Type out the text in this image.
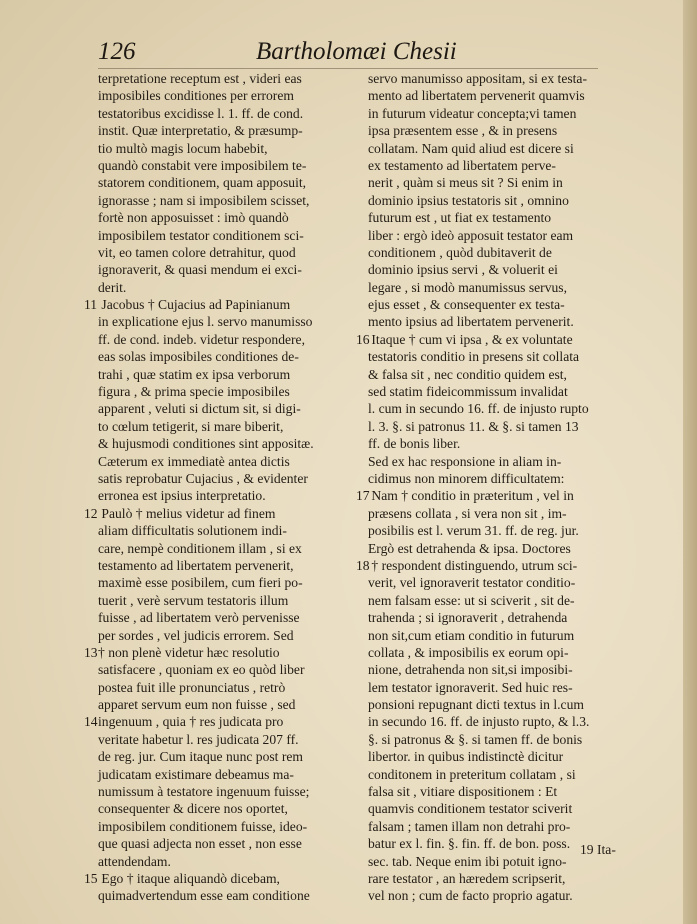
126	Bartholomæi Chesii
terpretatione receptum est , videri eas
imposibiles conditiones per errorem
testatoribus excidisse l. 1. ff. de cond.
instit. Quæ interpretatio, & præsump-
tio multò magis locum habebit,
quandò constabit vere imposibilem te-
statorem conditionem, quam apposuit,
ignorasse ; nam si imposibilem scisset,
fortè non apposuisset : imò quandò
imposibilem testator conditionem sci-
vit, eo tamen colore detrahitur, quod
ignoraverit, & quasi mendum ei exci-
derit.
11 Jacobus † Cujacius ad Papinianum
in explicatione ejus l. servo manumisso
ff. de cond. indeb. videtur respondere,
eas solas imposibiles conditiones de-
trahi , quæ statim ex ipsa verborum
figura , & prima specie imposibiles
apparent , veluti si dictum sit, si digi-
to cœlum tetigerit, si mare biberit,
& hujusmodi conditiones sint appositæ.
Cæterum ex immediatè antea dictis
satis reprobatur Cujacius , & evidenter
erronea est ipsius interpretatio.
12 Paulò † melius videtur ad finem
aliam difficultatis solutionem indi-
care, nempè conditionem illam , si ex
testamento ad libertatem pervenerit,
maximè esse posibilem, cum fieri po-
tuerit , verè servum testatoris illum
fuisse , ad libertatem verò pervenisse
per sordes , vel judicis errorem. Sed
13† non plenè videtur hæc resolutio
satisfacere , quoniam ex eo quòd liber
postea fuit ille pronunciatus , retrò
apparet servum eum non fuisse , sed
14ingenuum , quia † res judicata pro
veritate habetur l. res judicata 207 ff.
de reg. jur. Cum itaque nunc post rem
judicatam existimare debeamus ma-
numissum à testatore ingenuum fuisse;
consequenter & dicere nos oportet,
imposibilem conditionem fuisse, ideo-
que quasi adjecta non esset , non esse
attendendam.
15 Ego † itaque aliquandò dicebam,
quimadvertendum esse eam conditione
servo manumisso appositam, si ex testa-
mento ad libertatem pervenerit quamvis
in futurum videatur concepta;vi tamen
ipsa præsentem esse , & in presens
collatam. Nam quid aliud est dicere si
ex testamento ad libertatem perve-
nerit , quàm si meus sit ? Si enim in
dominio ipsius testatoris sit , omnino
futurum est , ut fiat ex testamento
liber : ergò ideò apposuit testator eam
conditionem , quòd dubitaverit de
dominio ipsius servi , & voluerit ei
legare , si modò manumissus servus,
ejus esset , & consequenter ex testa-
mento ipsius ad libertatem pervenerit.
16 Itaque † cum vi ipsa , & ex voluntate
testatoris conditio in presens sit collata
& falsa sit , nec conditio quidem est,
sed statim fideicommissum invalidat
l. cum in secundo 16. ff. de injusto rupto
l. 3. §. si patronus 11. & §. si tamen 13
ff. de bonis liber.
Sed ex hac responsione in aliam in-
cidimus non minorem difficultatem:
17 Nam † conditio in præteritum , vel in
præsens collata , si vera non sit , im-
posibilis est l. verum 31. ff. de reg. jur.
Ergò est detrahenda & ipsa. Doctores
18 † respondent distinguendo, utrum sci-
verit, vel ignoraverit testator conditio-
nem falsam esse: ut si sciverit , sit de-
trahenda ; si ignoraverit , detrahenda
non sit,cum etiam conditio in futurum
collata , & imposibilis ex eorum opi-
nione, detrahenda non sit,si imposibi-
lem testator ignoraverit. Sed huic res-
ponsioni repugnant dicti textus in l.cum
in secundo 16. ff. de injusto rupto, & l.3.
§. si patronus & §. si tamen ff. de bonis
libertor. in quibus indistinctè dicitur
conditonem in preteritum collatam , si
falsa sit , vitiare dispositionem : Et
quamvis conditionem testator sciverit
falsam ; tamen illam non detrahi pro-
batur ex l. fin. §. fin. ff. de bon. poss.
sec. tab. Neque enim ibi potuit igno-
rare testator , an hæredem scripserit,
vel non ; cum de facto proprio agatur.
19 Ita-
